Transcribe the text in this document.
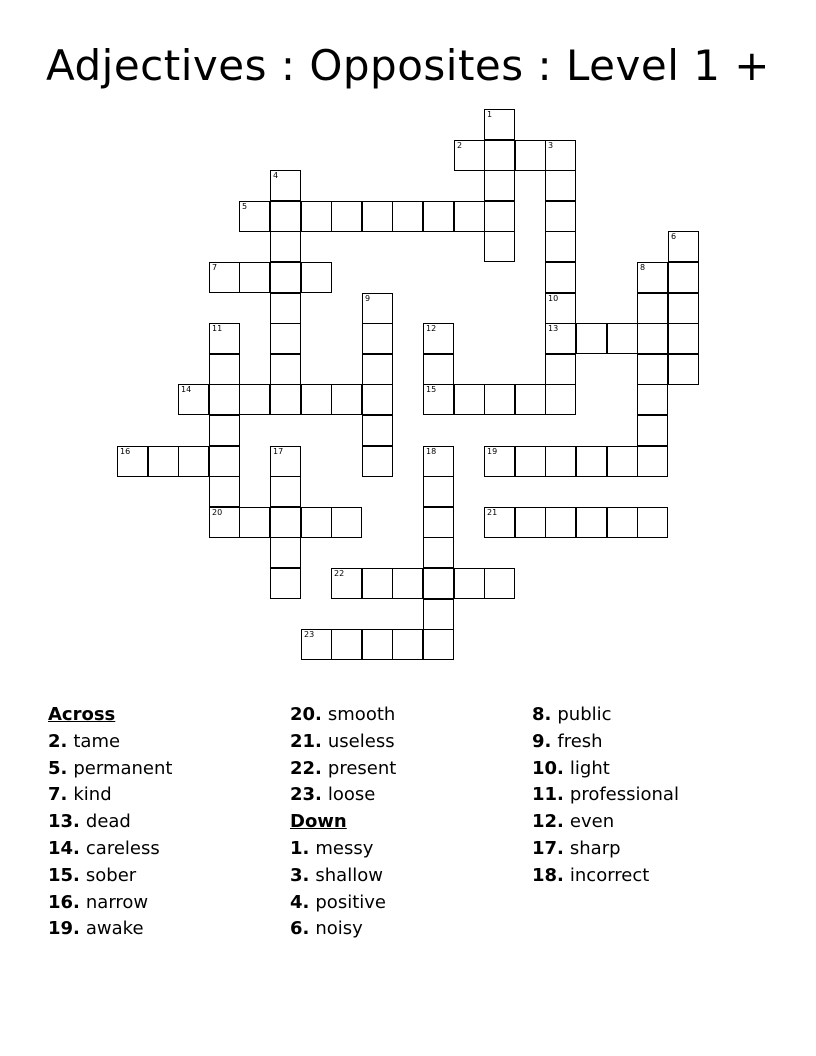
Adjectives : Opposites : Level 1 +
1
2	3
4
5
6
7	8
9	10
13
11
20
12
15
14
16	17	18	19
21
22
23
Across
2. tame
5. permanent
7. kind
13. dead
14. careless
15. sober
16. narrow
19. awake
20. smooth
21. useless
22. present
23. loose
Down
1. messy
3. shallow
4. positive
6. noisy
8. public
9. fresh
10. light
11. professional
12. even
17. sharp
18. incorrect
